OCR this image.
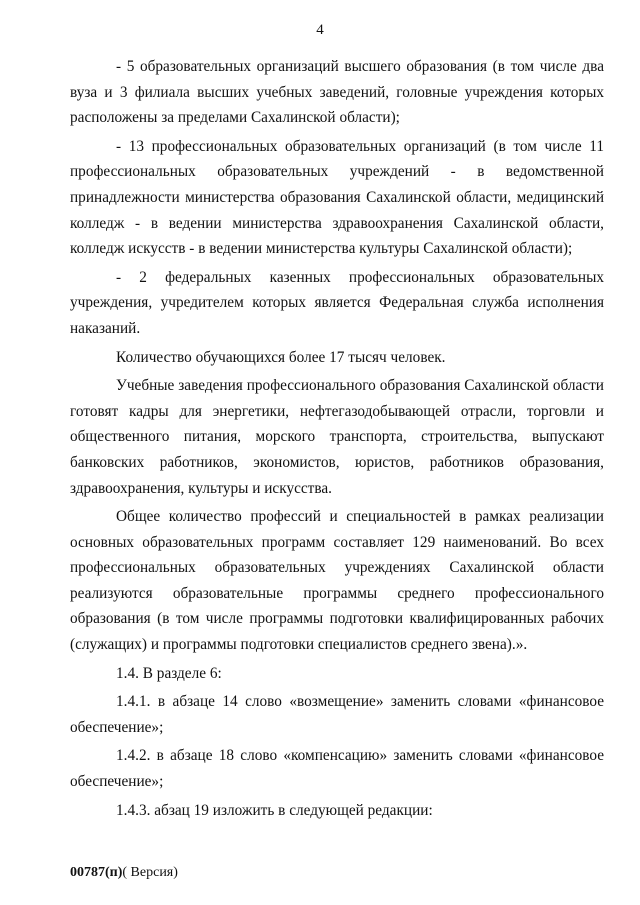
4

- 5 образовательных организаций высшего образования (в том числе два вуза и 3 филиала высших учебных заведений, головные учреждения которых расположены за пределами Сахалинской области);

- 13 профессиональных образовательных организаций (в том числе 11 профессиональных образовательных учреждений - в ведомственной принадлежности министерства образования Сахалинской области, медицинский колледж - в ведении министерства здравоохранения Сахалинской области, колледж искусств - в ведении министерства культуры Сахалинской области);

- 2 федеральных казенных профессиональных образовательных учреждения, учредителем которых является Федеральная служба исполнения наказаний.

Количество обучающихся более 17 тысяч человек.

Учебные заведения профессионального образования Сахалинской области готовят кадры для энергетики, нефтегазодобывающей отрасли, торговли и общественного питания, морского транспорта, строительства, выпускают банковских работников, экономистов, юристов, работников образования, здравоохранения, культуры и искусства.

Общее количество профессий и специальностей в рамках реализации основных образовательных программ составляет 129 наименований. Во всех профессиональных образовательных учреждениях Сахалинской области реализуются образовательные программы среднего профессионального образования (в том числе программы подготовки квалифицированных рабочих (служащих) и программы подготовки специалистов среднего звена).».

1.4. В разделе 6:

1.4.1. в абзаце 14 слово «возмещение» заменить словами «финансовое обеспечение»;

1.4.2. в абзаце 18 слово «компенсацию» заменить словами «финансовое обеспечение»;

1.4.3. абзац 19 изложить в следующей редакции:

00787(п)( Версия)
